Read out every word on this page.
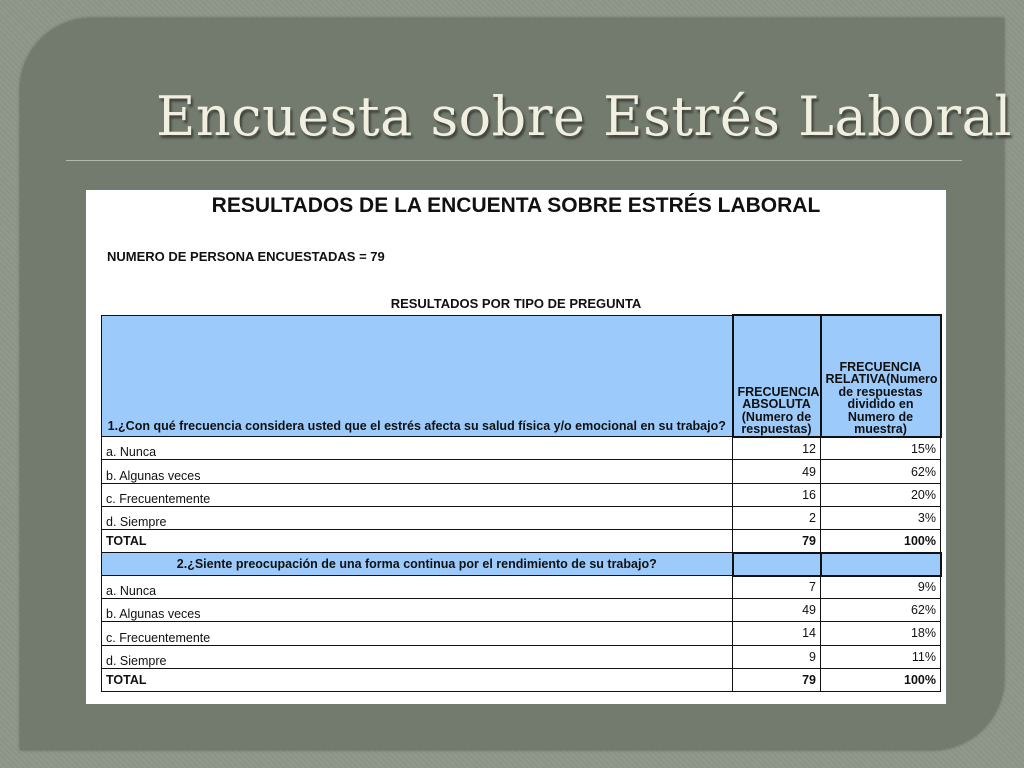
Encuesta sobre Estrés Laboral
RESULTADOS DE LA ENCUENTA SOBRE ESTRÉS LABORAL
NUMERO DE PERSONA ENCUESTADAS = 79
RESULTADOS POR TIPO DE PREGUNTA
1.¿Con qué frecuencia considera usted que el estrés afecta su salud física y/o emocional en su trabajo?	FRECUENCIA ABSOLUTA (Numero de respuestas)	FRECUENCIA RELATIVA(Numero de respuestas dividido en Numero de muestra)
a. Nunca	12	15%
b. Algunas veces	49	62%
c. Frecuentemente	16	20%
d. Siempre	2	3%
TOTAL	79	100%
2.¿Siente preocupación de una forma continua por el rendimiento de su trabajo?		
a. Nunca	7	9%
b. Algunas veces	49	62%
c. Frecuentemente	14	18%
d. Siempre	9	11%
TOTAL	79	100%
